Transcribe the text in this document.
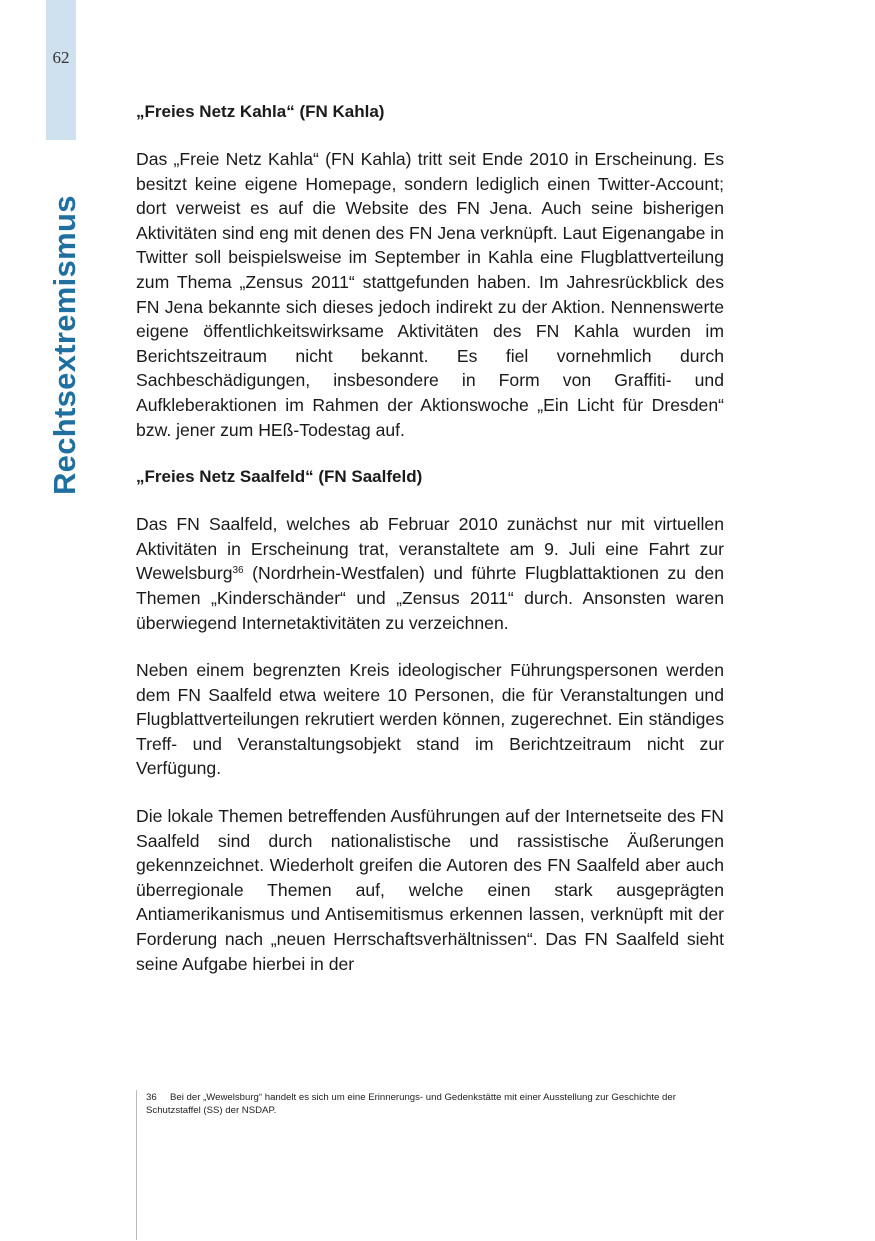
62
Rechtsextremismus
„Freies Netz Kahla“ (FN Kahla)

Das „Freie Netz Kahla“ (FN Kahla) tritt seit Ende 2010 in Erscheinung. Es besitzt keine eigene Homepage, sondern lediglich einen Twitter-Account; dort verweist es auf die Website des FN Jena. Auch seine bisherigen Aktivitäten sind eng mit denen des FN Jena verknüpft. Laut Eigenangabe in Twitter soll beispielsweise im September in Kahla eine Flugblattverteilung zum Thema „Zensus 2011“ stattgefunden haben. Im Jahresrückblick des FN Jena bekannte sich dieses jedoch indirekt zu der Aktion. Nennenswerte eigene öffentlichkeitswirksame Aktivitäten des FN Kahla wurden im Berichtszeitraum nicht bekannt. Es fiel vornehmlich durch Sachbeschädigungen, insbesondere in Form von Graffiti- und Aufkleberaktionen im Rahmen der Aktionswoche „Ein Licht für Dresden“ bzw. jener zum HEß-Todestag auf.

„Freies Netz Saalfeld“ (FN Saalfeld)

Das FN Saalfeld, welches ab Februar 2010 zunächst nur mit virtuellen Aktivitäten in Erscheinung trat, veranstaltete am 9. Juli eine Fahrt zur Wewelsburg$^{36}$ (Nordrhein-Westfalen) und führte Flugblattaktionen zu den Themen „Kinderschänder“ und „Zensus 2011“ durch. Ansonsten waren überwiegend Internetaktivitäten zu verzeichnen.

Neben einem begrenzten Kreis ideologischer Führungspersonen werden dem FN Saalfeld etwa weitere 10 Personen, die für Veranstaltungen und Flugblattverteilungen rekrutiert werden können, zugerechnet. Ein ständiges Treff- und Veranstaltungsobjekt stand im Berichtzeitraum nicht zur Verfügung.

Die lokale Themen betreffenden Ausführungen auf der Internetseite des FN Saalfeld sind durch nationalistische und rassistische Äußerungen gekennzeichnet. Wiederholt greifen die Autoren des FN Saalfeld aber auch überregionale Themen auf, welche einen stark ausgeprägten Antiamerikanismus und Antisemitismus erkennen lassen, verknüpft mit der Forderung nach „neuen Herrschaftsverhältnissen“. Das FN Saalfeld sieht seine Aufgabe hierbei in der

36 Bei der „Wewelsburg“ handelt es sich um eine Erinnerungs- und Gedenkstätte mit einer Ausstellung zur Geschichte der Schutzstaffel (SS) der NSDAP.
